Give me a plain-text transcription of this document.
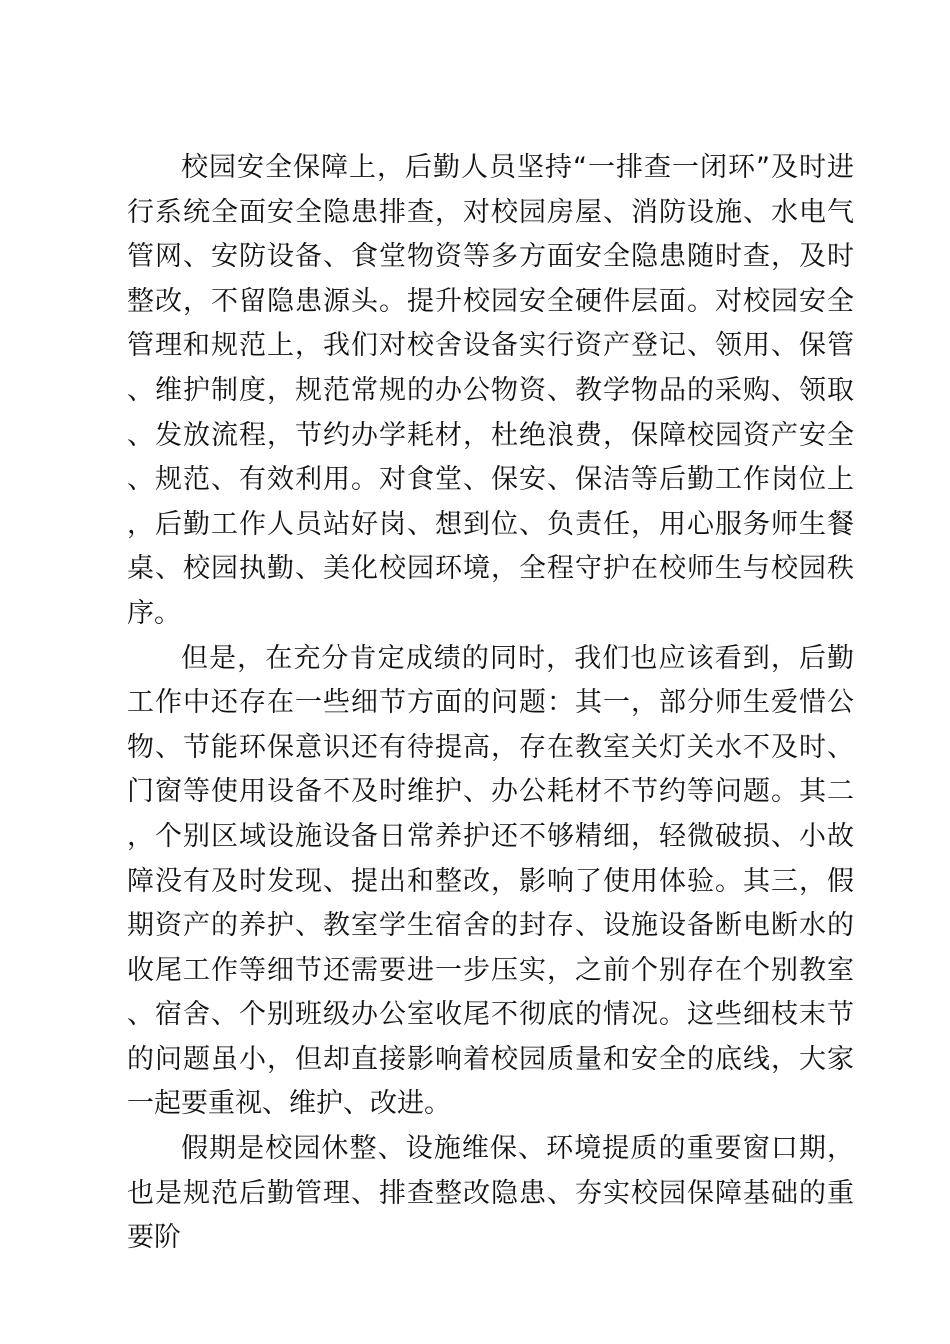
校园安全保障上，后勤人员坚持“一排查一闭环”及时进行系统全面安全隐患排查，对校园房屋、消防设施、水电气管网、安防设备、食堂物资等多方面安全隐患随时查，及时整改，不留隐患源头。提升校园安全硬件层面。对校园安全管理和规范上，我们对校舍设备实行资产登记、领用、保管、维护制度，规范常规的办公物资、教学物品的采购、领取、发放流程，节约办学耗材，杜绝浪费，保障校园资产安全、规范、有效利用。对食堂、保安、保洁等后勤工作岗位上，后勤工作人员站好岗、想到位、负责任，用心服务师生餐桌、校园执勤、美化校园环境，全程守护在校师生与校园秩序。

但是，在充分肯定成绩的同时，我们也应该看到，后勤工作中还存在一些细节方面的问题：其一，部分师生爱惜公物、节能环保意识还有待提高，存在教室关灯关水不及时、门窗等使用设备不及时维护、办公耗材不节约等问题。其二，个别区域设施设备日常养护还不够精细，轻微破损、小故障没有及时发现、提出和整改，影响了使用体验。其三，假期资产的养护、教室学生宿舍的封存、设施设备断电断水的收尾工作等细节还需要进一步压实，之前个别存在个别教室、宿舍、个别班级办公室收尾不彻底的情况。这些细枝末节的问题虽小，但却直接影响着校园质量和安全的底线，大家一起要重视、维护、改进。

假期是校园休整、设施维保、环境提质的重要窗口期，也是规范后勤管理、排查整改隐患、夯实校园保障基础的重要阶
